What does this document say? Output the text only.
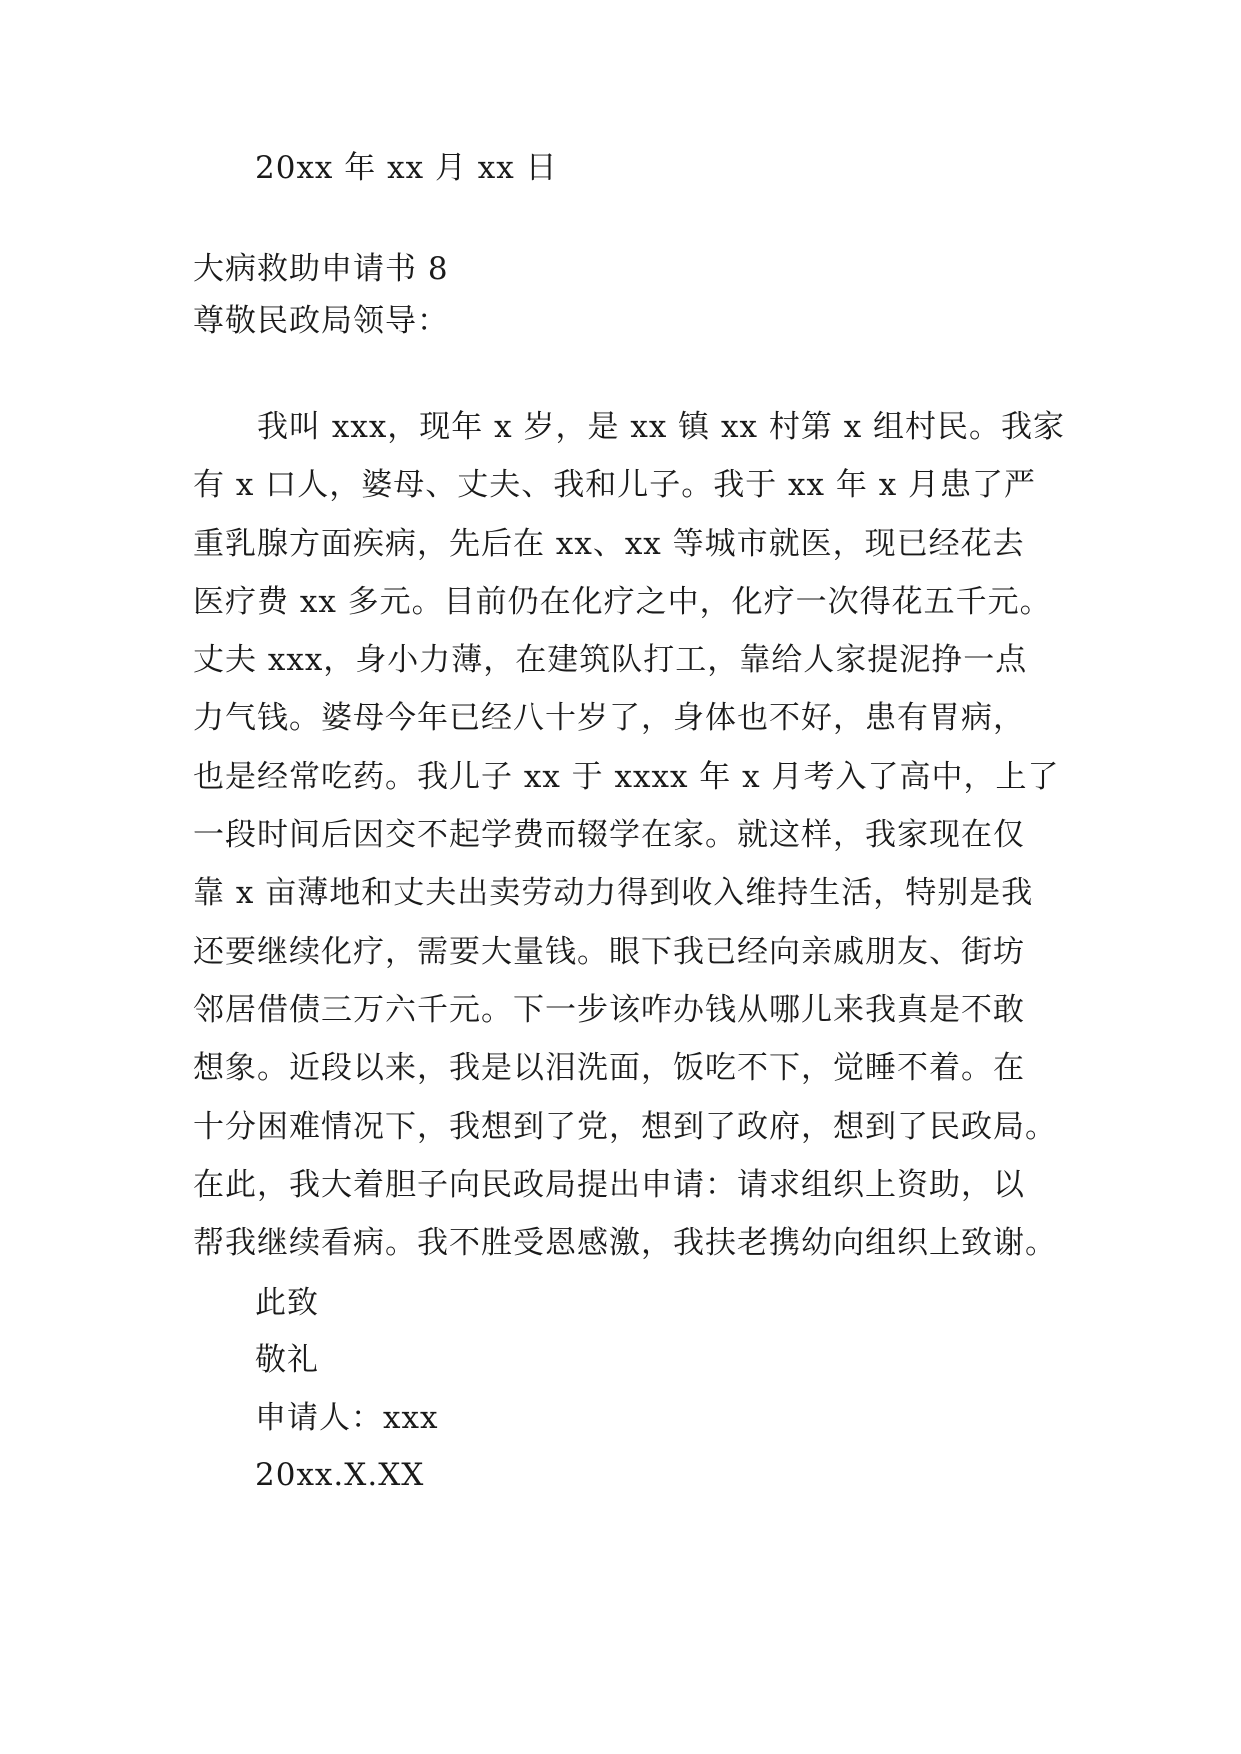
20xx 年 xx 月 xx 日
大病救助申请书 8
尊敬民政局领导：
　　我叫 xxx，现年 x 岁，是 xx 镇 xx 村第 x 组村民。我家
有 x 口人，婆母、丈夫、我和儿子。我于 xx 年 x 月患了严
重乳腺方面疾病，先后在 xx、xx 等城市就医，现已经花去
医疗费 xx 多元。目前仍在化疗之中，化疗一次得花五千元。
丈夫 xxx，身小力薄，在建筑队打工，靠给人家提泥挣一点
力气钱。婆母今年已经八十岁了，身体也不好，患有胃病，
也是经常吃药。我儿子 xx 于 xxxx 年 x 月考入了高中，上了
一段时间后因交不起学费而辍学在家。就这样，我家现在仅
靠 x 亩薄地和丈夫出卖劳动力得到收入维持生活，特别是我
还要继续化疗，需要大量钱。眼下我已经向亲戚朋友、街坊
邻居借债三万六千元。下一步该咋办钱从哪儿来我真是不敢
想象。近段以来，我是以泪洗面，饭吃不下，觉睡不着。在
十分困难情况下，我想到了党，想到了政府，想到了民政局。
在此，我大着胆子向民政局提出申请：请求组织上资助，以
帮我继续看病。我不胜受恩感激，我扶老携幼向组织上致谢。
此致
敬礼
申请人：xxx
20xx.X.XX
